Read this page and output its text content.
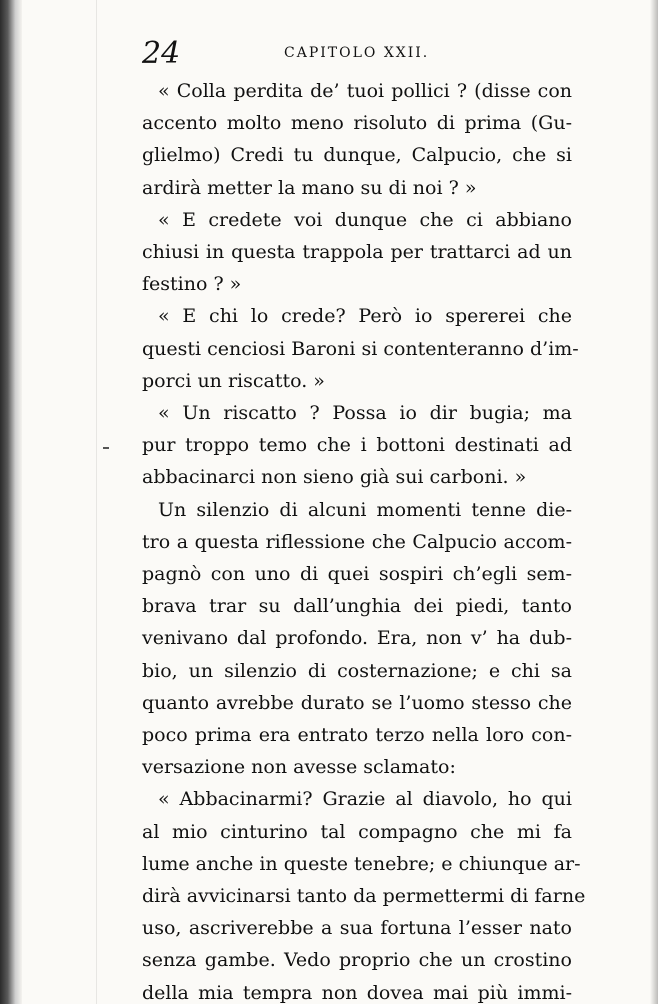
24	CAPITOLO XXII.
« Colla perdita de’ tuoi pollici ? (disse con
accento molto meno risoluto di prima (Gu-
glielmo) Credi tu dunque, Calpucio, che si
ardirà metter la mano su di noi ? »
« E credete voi dunque che ci abbiano
chiusi in questa trappola per trattarci ad un
festino ? »
« E chi lo crede? Però io spererei che
questi cenciosi Baroni si contenteranno d’im-
porci un riscatto. »
« Un riscatto ? Possa io dir bugia; ma
pur troppo temo che i bottoni destinati ad
abbacinarci non sieno già sui carboni. »
Un silenzio di alcuni momenti tenne die-
tro a questa riflessione che Calpucio accom-
pagnò con uno di quei sospiri ch’egli sem-
brava trar su dall’unghia dei piedi, tanto
venivano dal profondo. Era, non v’ ha dub-
bio, un silenzio di costernazione; e chi sa
quanto avrebbe durato se l’uomo stesso che
poco prima era entrato terzo nella loro con-
versazione non avesse sclamato:
« Abbacinarmi? Grazie al diavolo, ho qui
al mio cinturino tal compagno che mi fa
lume anche in queste tenebre; e chiunque ar-
dirà avvicinarsi tanto da permettermi di farne
uso, ascriverebbe a sua fortuna l’esser nato
senza gambe. Vedo proprio che un crostino
della mia tempra non dovea mai più immi-
